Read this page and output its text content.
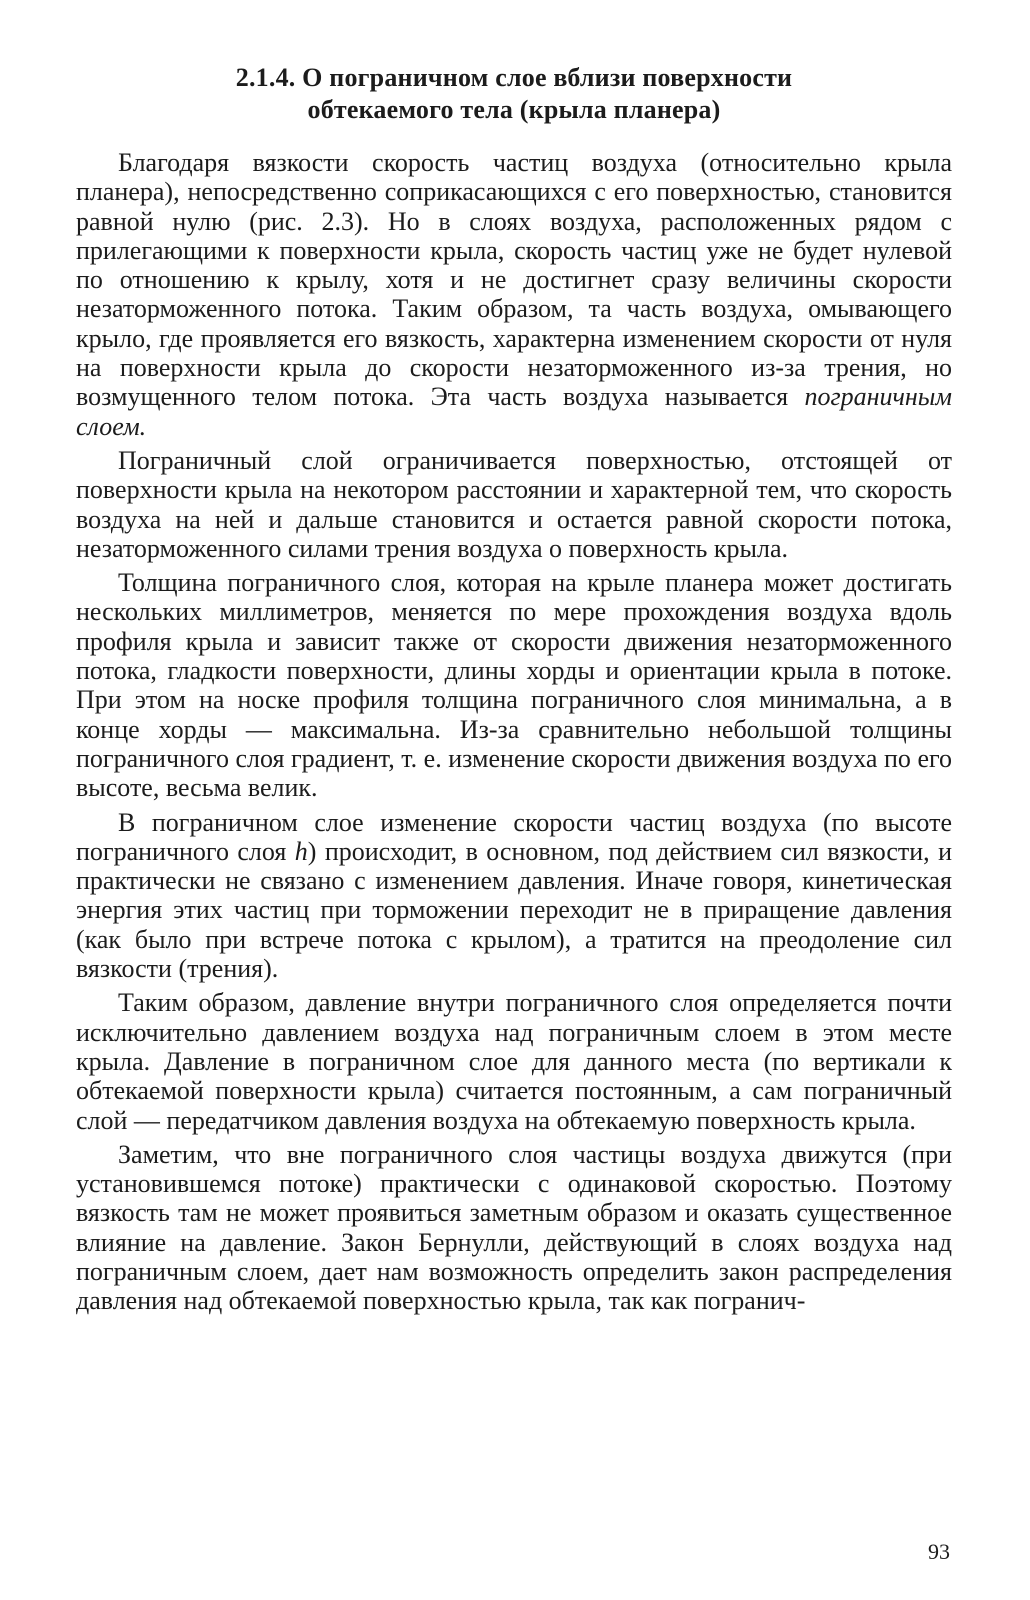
2.1.4. О пограничном слое вблизи поверхности
обтекаемого тела (крыла планера)

Благодаря вязкости скорость частиц воздуха (относительно крыла планера), непосредственно соприкасающихся с его поверхностью, становится равной нулю (рис. 2.3). Но в слоях воздуха, расположенных рядом с прилегающими к поверхности крыла, скорость частиц уже не будет нулевой по отношению к крылу, хотя и не достигнет сразу величины скорости незаторможенного потока. Таким образом, та часть воздуха, омывающего крыло, где проявляется его вязкость, характерна изменением скорости от нуля на поверхности крыла до скорости незаторможенного из-за трения, но возмущенного телом потока. Эта часть воздуха называется пограничным слоем.

Пограничный слой ограничивается поверхностью, отстоящей от поверхности крыла на некотором расстоянии и характерной тем, что скорость воздуха на ней и дальше становится и остается равной скорости потока, незаторможенного силами трения воздуха о поверхность крыла.

Толщина пограничного слоя, которая на крыле планера может достигать нескольких миллиметров, меняется по мере прохождения воздуха вдоль профиля крыла и зависит также от скорости движения незаторможенного потока, гладкости поверхности, длины хорды и ориентации крыла в потоке. При этом на носке профиля толщина пограничного слоя минимальна, а в конце хорды — максимальна. Из-за сравнительно небольшой толщины пограничного слоя градиент, т. е. изменение скорости движения воздуха по его высоте, весьма велик.

В пограничном слое изменение скорости частиц воздуха (по высоте пограничного слоя h) происходит, в основном, под действием сил вязкости, и практически не связано с изменением давления. Иначе говоря, кинетическая энергия этих частиц при торможении переходит не в приращение давления (как было при встрече потока с крылом), а тратится на преодоление сил вязкости (трения).

Таким образом, давление внутри пограничного слоя определяется почти исключительно давлением воздуха над пограничным слоем в этом месте крыла. Давление в пограничном слое для данного места (по вертикали к обтекаемой поверхности крыла) считается постоянным, а сам пограничный слой — передатчиком давления воздуха на обтекаемую поверхность крыла.

Заметим, что вне пограничного слоя частицы воздуха движутся (при установившемся потоке) практически с одинаковой скоростью. Поэтому вязкость там не может проявиться заметным образом и оказать существенное влияние на давление. Закон Бернулли, действующий в слоях воздуха над пограничным слоем, дает нам возможность определить закон распределения давления над обтекаемой поверхностью крыла, так как погранич-

93
